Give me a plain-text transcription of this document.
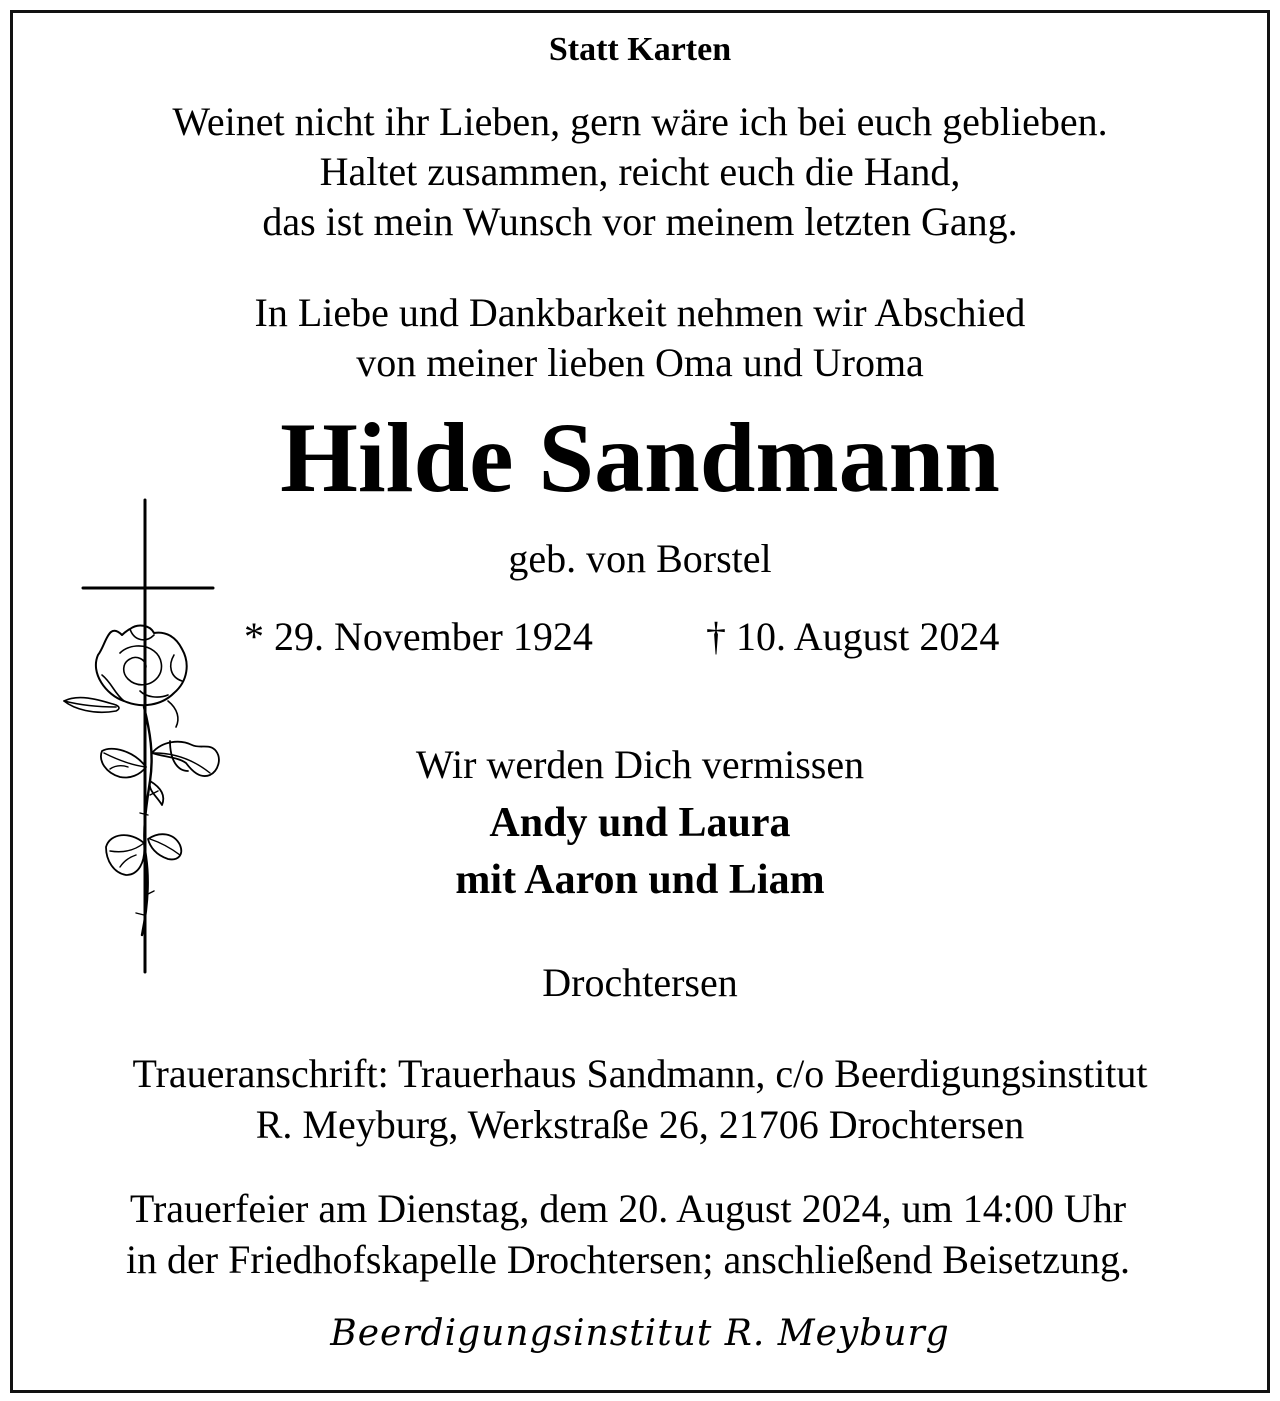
Statt Karten
Weinet nicht ihr Lieben, gern wäre ich bei euch geblieben.
Haltet zusammen, reicht euch die Hand,
das ist mein Wunsch vor meinem letzten Gang.
In Liebe und Dankbarkeit nehmen wir Abschied
von meiner lieben Oma und Uroma
Hilde Sandmann
geb. von Borstel
* 29. November 1924	† 10. August 2024
Wir werden Dich vermissen
Andy und Laura
mit Aaron und Liam
Drochtersen
Traueranschrift: Trauerhaus Sandmann, c/o Beerdigungsinstitut
R. Meyburg, Werkstraße 26, 21706 Drochtersen
Trauerfeier am Dienstag, dem 20. August 2024, um 14:00 Uhr
in der Friedhofskapelle Drochtersen; anschließend Beisetzung.
Beerdigungsinstitut R. Meyburg
